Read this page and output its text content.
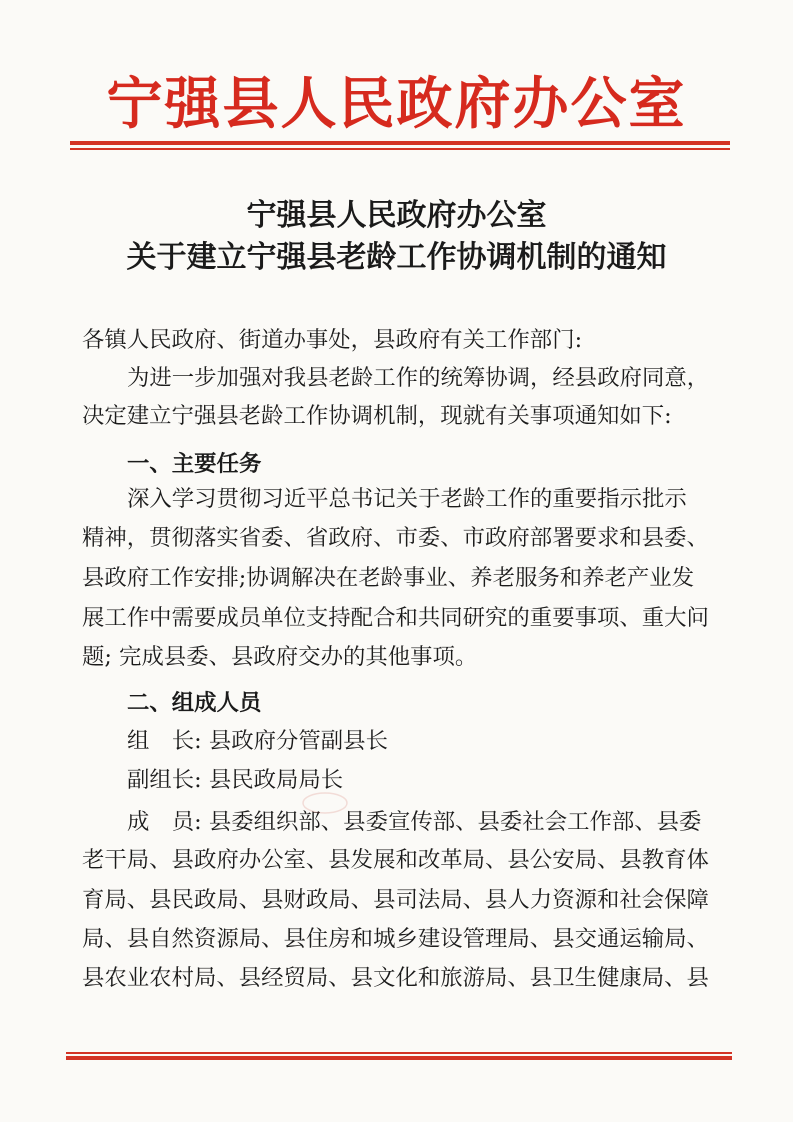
宁强县人民政府办公室
宁强县人民政府办公室
关于建立宁强县老龄工作协调机制的通知
各镇人民政府、街道办事处，县政府有关工作部门:
为进一步加强对我县老龄工作的统筹协调，经县政府同意，
决定建立宁强县老龄工作协调机制，现就有关事项通知如下:
一、主要任务
深入学习贯彻习近平总书记关于老龄工作的重要指示批示
精神，贯彻落实省委、省政府、市委、市政府部署要求和县委、
县政府工作安排;协调解决在老龄事业、养老服务和养老产业发
展工作中需要成员单位支持配合和共同研究的重要事项、重大问
题; 完成县委、县政府交办的其他事项。
二、组成人员
组　长: 县政府分管副县长
副组长: 县民政局局长
成　员: 县委组织部、县委宣传部、县委社会工作部、县委
老干局、县政府办公室、县发展和改革局、县公安局、县教育体
育局、县民政局、县财政局、县司法局、县人力资源和社会保障
局、县自然资源局、县住房和城乡建设管理局、县交通运输局、
县农业农村局、县经贸局、县文化和旅游局、县卫生健康局、县
